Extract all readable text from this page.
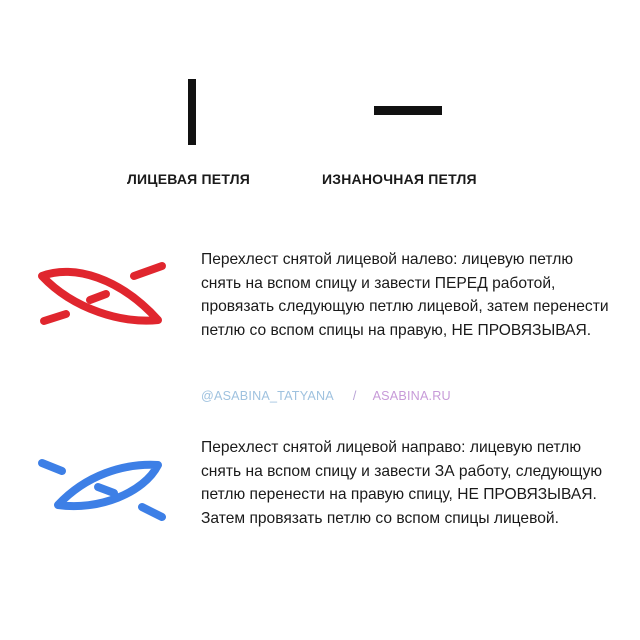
ЛИЦЕВАЯ ПЕТЛЯ	ИЗНАНОЧНАЯ ПЕТЛЯ
Перехлест снятой лицевой налево: лицевую петлю снять на вспом спицу и завести ПЕРЕД работой, провязать следующую петлю лицевой, затем перенести петлю со вспом спицы на правую, НЕ ПРОВЯЗЫВАЯ.
@ASABINA_TATYANA / ASABINA.RU
Перехлест снятой лицевой направо: лицевую петлю снять на вспом спицу и завести ЗА работу, следующую петлю перенести на правую спицу, НЕ ПРОВЯЗЫВАЯ. Затем провязать петлю со вспом спицы лицевой.
